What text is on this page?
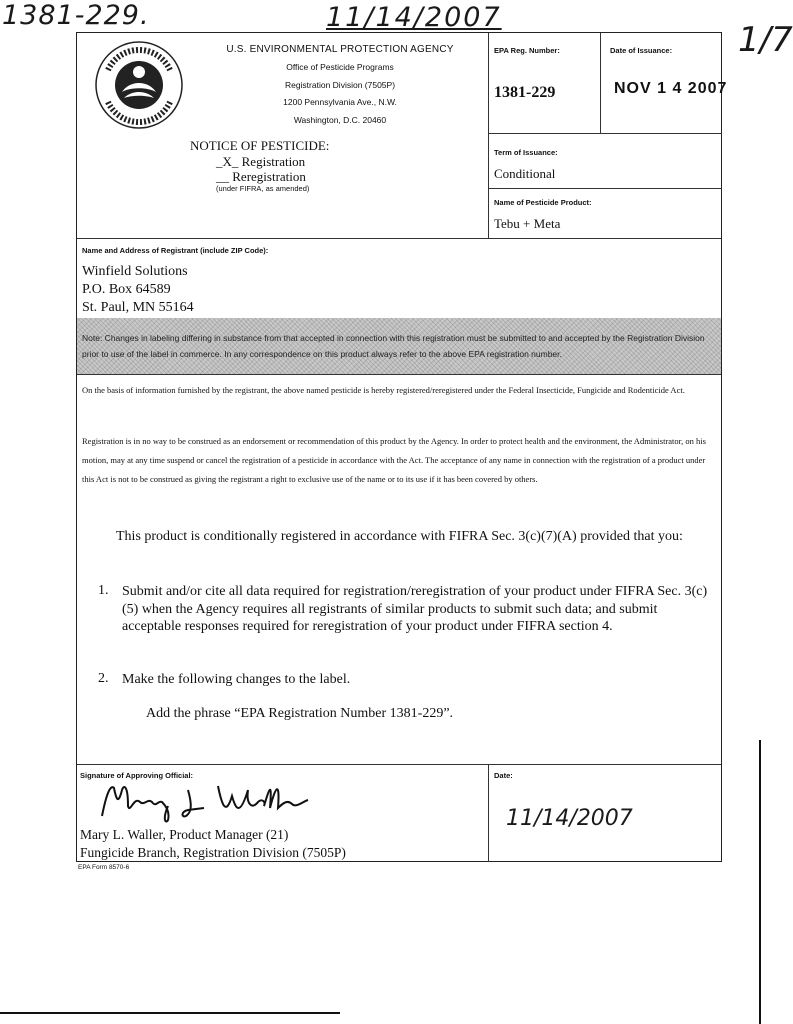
1381-229.	11/14/2007
1/7
U.S. ENVIRONMENTAL PROTECTION AGENCY
Office of Pesticide Programs
Registration Division (7505P)
1200 Pennsylvania Ave., N.W.
Washington, D.C. 20460
NOTICE OF PESTICIDE:
_X_ Registration
__ Reregistration
(under FIFRA, as amended)
EPA Reg. Number:	Date of Issuance:
1381-229	NOV 1 4 2007
Term of Issuance:
Conditional
Name of Pesticide Product:
Tebu + Meta
Name and Address of Registrant (include ZIP Code):
Winfield Solutions
P.O. Box 64589
St. Paul, MN 55164
Note: Changes in labeling differing in substance from that accepted in connection with this registration must be submitted to and accepted by the Registration Division prior to use of the label in commerce. In any correspondence on this product always refer to the above EPA registration number.
On the basis of information furnished by the registrant, the above named pesticide is hereby registered/reregistered under the Federal Insecticide, Fungicide and Rodenticide Act.
Registration is in no way to be construed as an endorsement or recommendation of this product by the Agency. In order to protect health and the environment, the Administrator, on his motion, may at any time suspend or cancel the registration of a pesticide in accordance with the Act. The acceptance of any name in connection with the registration of a product under this Act is not to be construed as giving the registrant a right to exclusive use of the name or to its use if it has been covered by others.
This product is conditionally registered in accordance with FIFRA Sec. 3(c)(7)(A) provided that you:
1. Submit and/or cite all data required for registration/reregistration of your product under FIFRA Sec. 3(c)(5) when the Agency requires all registrants of similar products to submit such data; and submit acceptable responses required for reregistration of your product under FIFRA section 4.
2. Make the following changes to the label.
Add the phrase “EPA Registration Number 1381-229”.
Signature of Approving Official:	Date:
11/14/2007
Mary L. Waller, Product Manager (21)
Fungicide Branch, Registration Division (7505P)
EPA Form 8570-6
